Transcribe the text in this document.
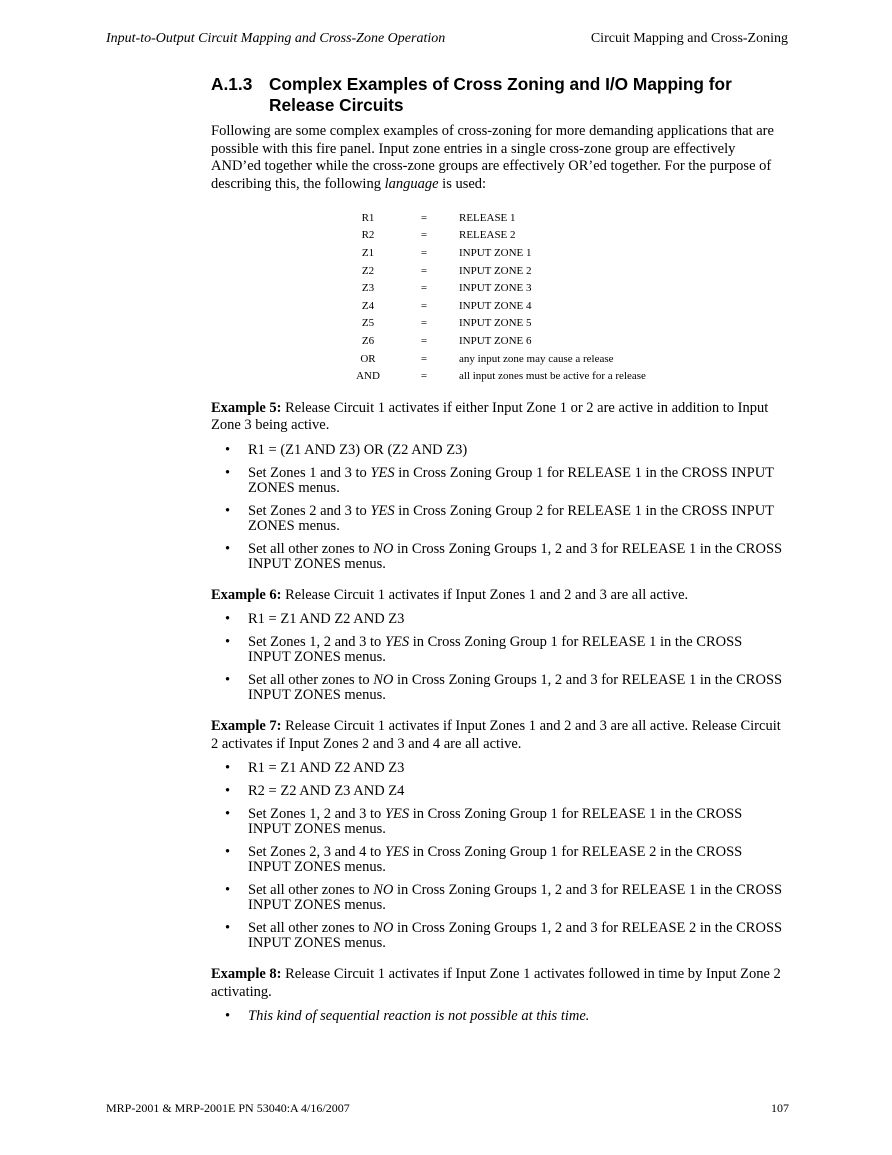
Input-to-Output Circuit Mapping and Cross-Zone Operation	Circuit Mapping and Cross-Zoning
A.1.3 Complex Examples of Cross Zoning and I/O Mapping for
Release Circuits

Following are some complex examples of cross-zoning for more demanding applications that are possible with this fire panel. Input zone entries in a single cross-zone group are effectively AND’ed together while the cross-zone groups are effectively OR’ed together. For the purpose of describing this, the following language is used:

R1	=	RELEASE 1
R2	=	RELEASE 2
Z1	=	INPUT ZONE 1
Z2	=	INPUT ZONE 2
Z3	=	INPUT ZONE 3
Z4	=	INPUT ZONE 4
Z5	=	INPUT ZONE 5
Z6	=	INPUT ZONE 6
OR	=	any input zone may cause a release
AND	=	all input zones must be active for a release

Example 5: Release Circuit 1 activates if either Input Zone 1 or 2 are active in addition to Input Zone 3 being active.

• R1 = (Z1 AND Z3) OR (Z2 AND Z3)
• Set Zones 1 and 3 to YES in Cross Zoning Group 1 for RELEASE 1 in the CROSS INPUT ZONES menus.
• Set Zones 2 and 3 to YES in Cross Zoning Group 2 for RELEASE 1 in the CROSS INPUT ZONES menus.
• Set all other zones to NO in Cross Zoning Groups 1, 2 and 3 for RELEASE 1 in the CROSS INPUT ZONES menus.

Example 6: Release Circuit 1 activates if Input Zones 1 and 2 and 3 are all active.

• R1 = Z1 AND Z2 AND Z3
• Set Zones 1, 2 and 3 to YES in Cross Zoning Group 1 for RELEASE 1 in the CROSS INPUT ZONES menus.
• Set all other zones to NO in Cross Zoning Groups 1, 2 and 3 for RELEASE 1 in the CROSS INPUT ZONES menus.

Example 7: Release Circuit 1 activates if Input Zones 1 and 2 and 3 are all active. Release Circuit 2 activates if Input Zones 2 and 3 and 4 are all active.

• R1 = Z1 AND Z2 AND Z3
• R2 = Z2 AND Z3 AND Z4
• Set Zones 1, 2 and 3 to YES in Cross Zoning Group 1 for RELEASE 1 in the CROSS INPUT ZONES menus.
• Set Zones 2, 3 and 4 to YES in Cross Zoning Group 1 for RELEASE 2 in the CROSS INPUT ZONES menus.
• Set all other zones to NO in Cross Zoning Groups 1, 2 and 3 for RELEASE 1 in the CROSS INPUT ZONES menus.
• Set all other zones to NO in Cross Zoning Groups 1, 2 and 3 for RELEASE 2 in the CROSS INPUT ZONES menus.

Example 8: Release Circuit 1 activates if Input Zone 1 activates followed in time by Input Zone 2 activating.

• This kind of sequential reaction is not possible at this time.
MRP-2001 & MRP-2001E PN 53040:A 4/16/2007	107
